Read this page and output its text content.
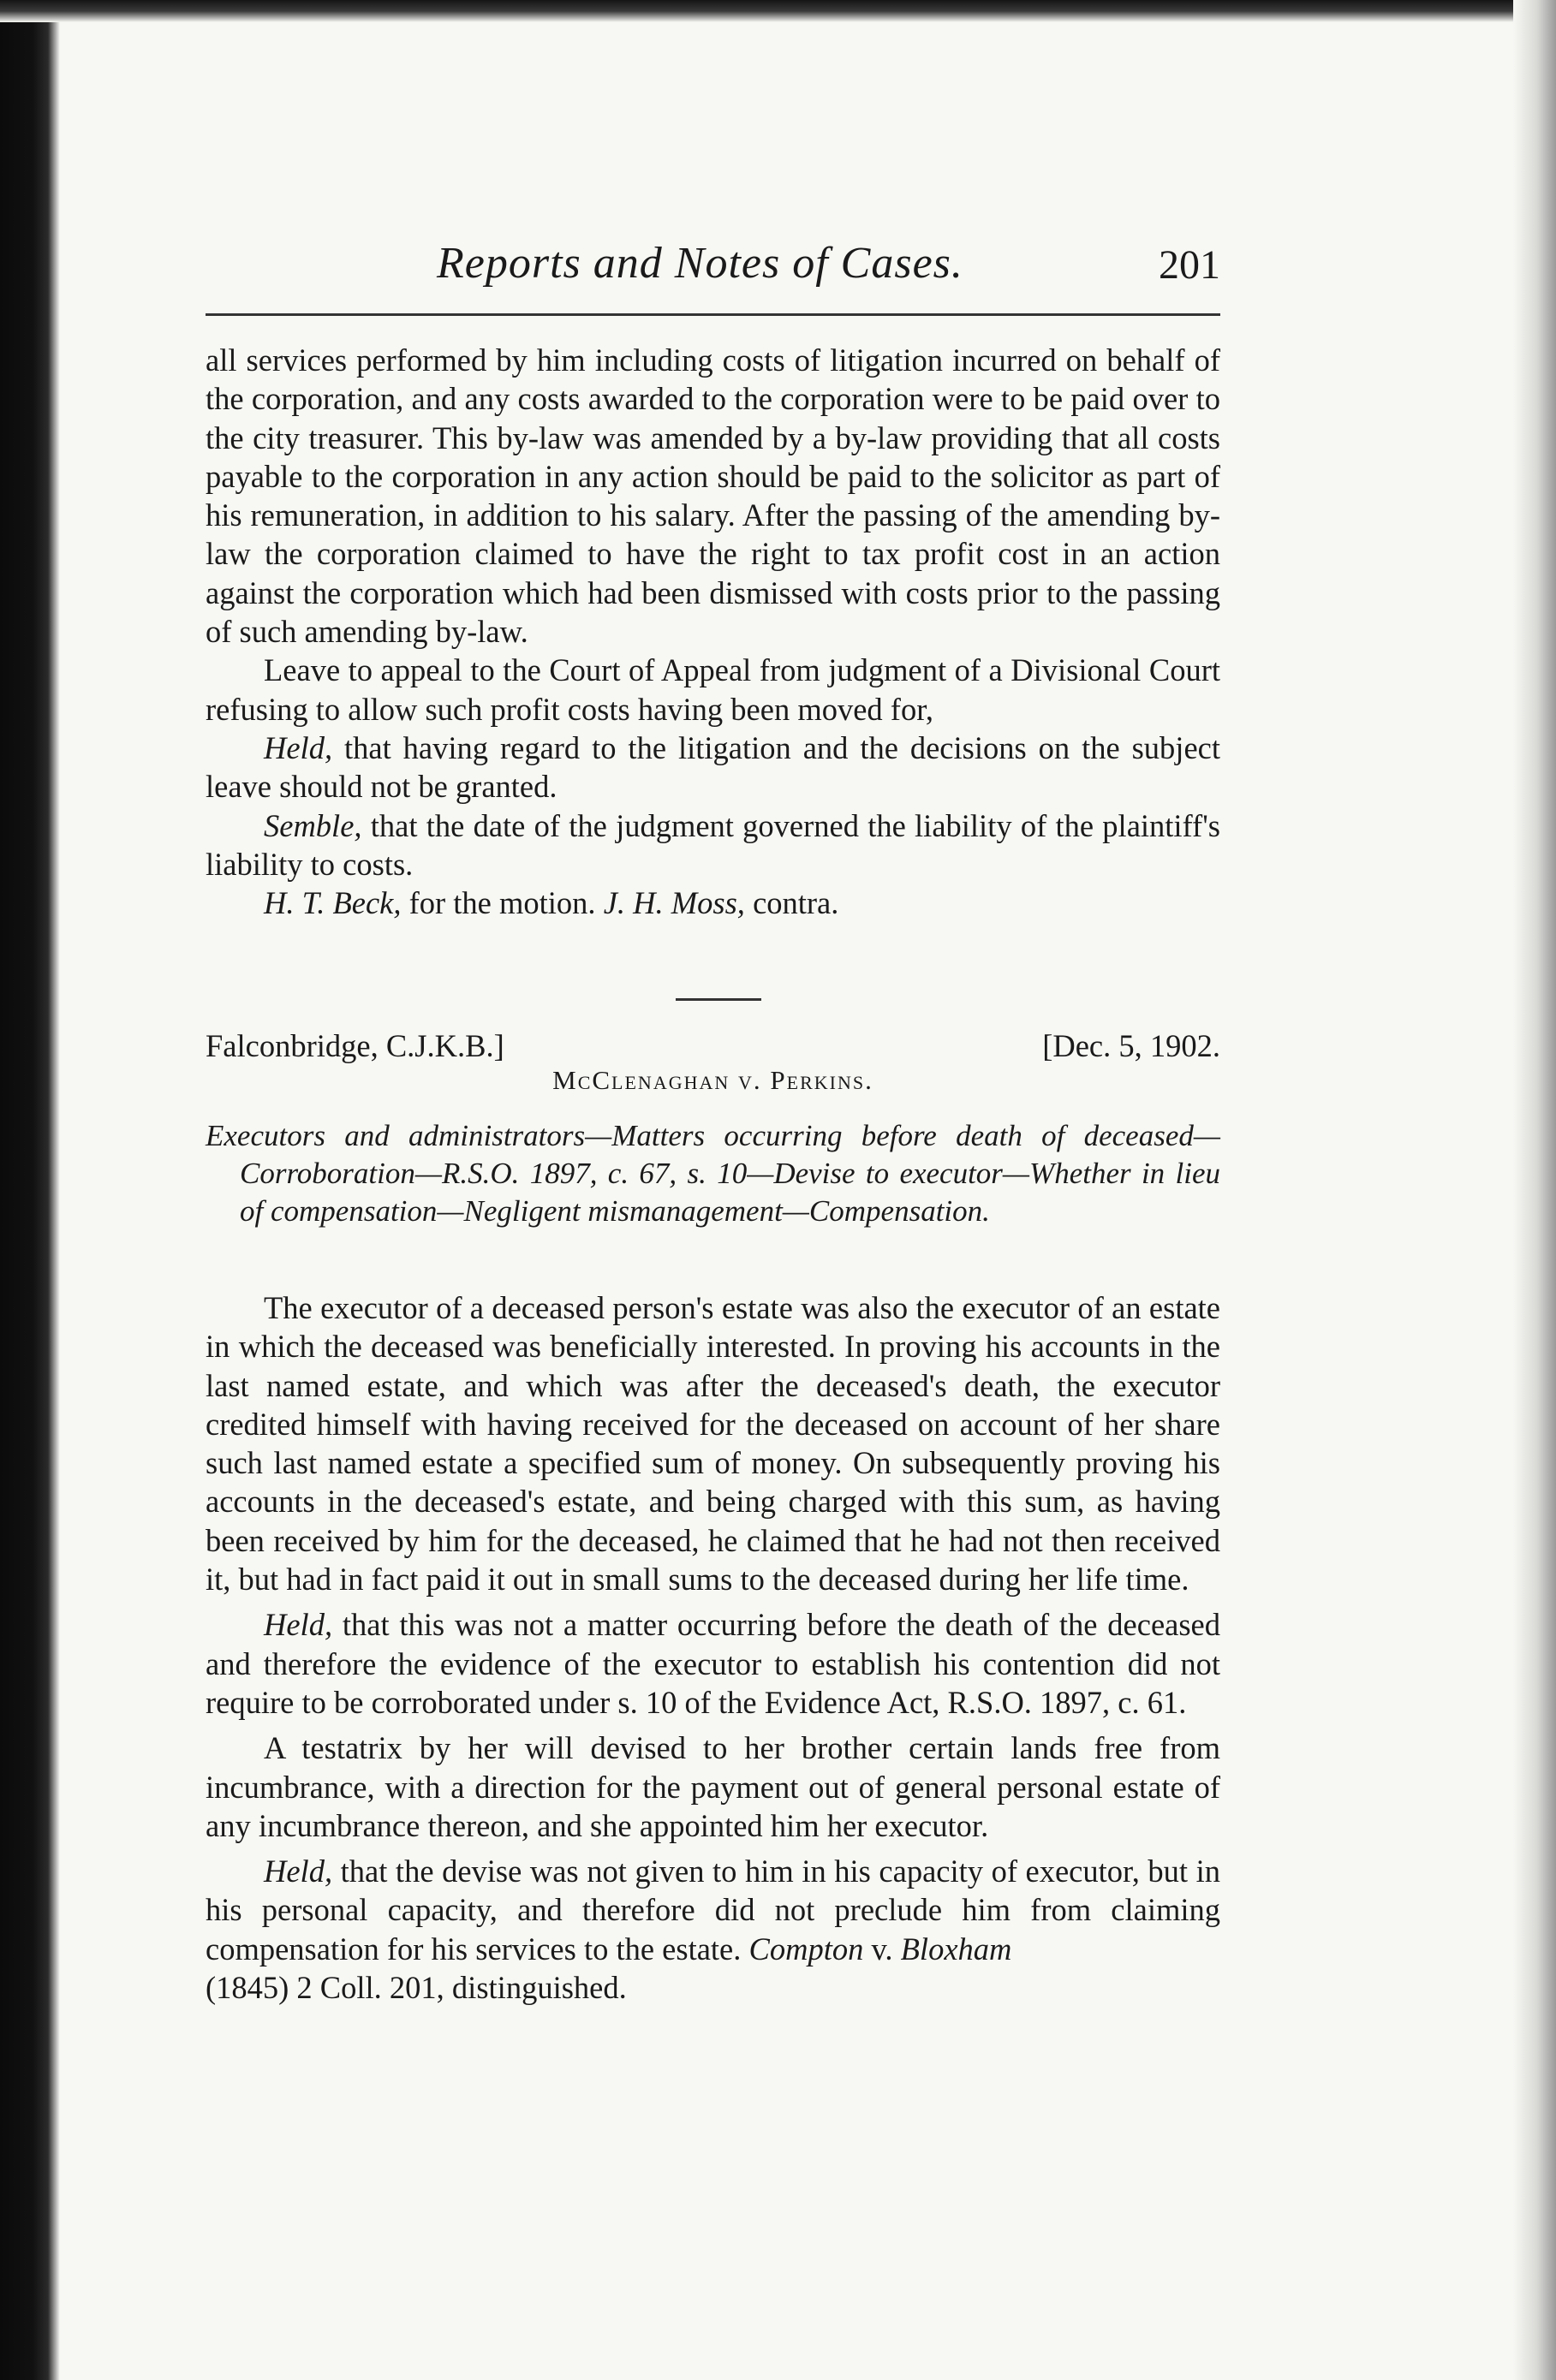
Reports and Notes of Cases.	201

all services performed by him including costs of litigation incurred on behalf of the corporation, and any costs awarded to the corporation were to be paid over to the city treasurer. This by-law was amended by a by-law providing that all costs payable to the corporation in any action should be paid to the solicitor as part of his remuneration, in addition to his salary. After the passing of the amending by-law the corporation claimed to have the right to tax profit cost in an action against the corporation which had been dismissed with costs prior to the passing of such amending by-law.

Leave to appeal to the Court of Appeal from judgment of a Divisional Court refusing to allow such profit costs having been moved for,

Held, that having regard to the litigation and the decisions on the subject leave should not be granted.

Semble, that the date of the judgment governed the liability of the plaintiff's liability to costs.

H. T. Beck, for the motion. J. H. Moss, contra.

Falconbridge, C.J.K.B.]	[Dec. 5, 1902.
McClenaghan v. Perkins.

Executors and administrators—Matters occurring before death of deceased—Corroboration—R.S.O. 1897, c. 67, s. 10—Devise to executor—Whether in lieu of compensation—Negligent mismanagement—Compensation.

The executor of a deceased person's estate was also the executor of an estate in which the deceased was beneficially interested. In proving his accounts in the last named estate, and which was after the deceased's death, the executor credited himself with having received for the deceased on account of her share such last named estate a specified sum of money. On subsequently proving his accounts in the deceased's estate, and being charged with this sum, as having been received by him for the deceased, he claimed that he had not then received it, but had in fact paid it out in small sums to the deceased during her life time.

Held, that this was not a matter occurring before the death of the deceased and therefore the evidence of the executor to establish his contention did not require to be corroborated under s. 10 of the Evidence Act, R.S.O. 1897, c. 61.

A testatrix by her will devised to her brother certain lands free from incumbrance, with a direction for the payment out of general personal estate of any incumbrance thereon, and she appointed him her executor.

Held, that the devise was not given to him in his capacity of executor, but in his personal capacity, and therefore did not preclude him from claiming compensation for his services to the estate. Compton v. Bloxham
(1845) 2 Coll. 201, distinguished.
